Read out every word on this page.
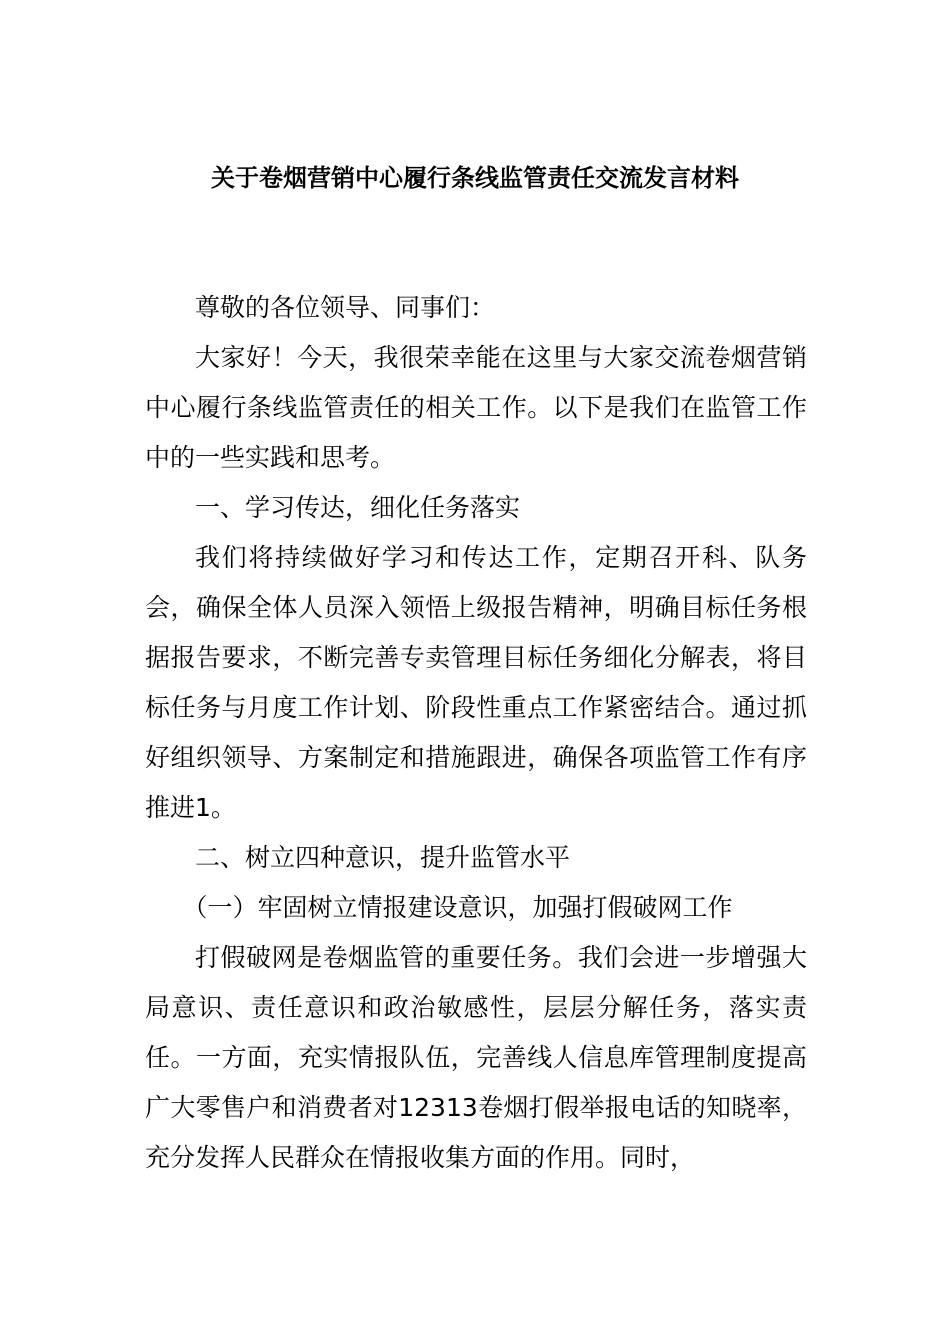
关于卷烟营销中心履行条线监管责任交流发言材料

尊敬的各位领导、同事们：

大家好！今天，我很荣幸能在这里与大家交流卷烟营销中心履行条线监管责任的相关工作。以下是我们在监管工作中的一些实践和思考。

一、学习传达，细化任务落实

我们将持续做好学习和传达工作，定期召开科、队务会，确保全体人员深入领悟上级报告精神，明确目标任务根据报告要求，不断完善专卖管理目标任务细化分解表，将目标任务与月度工作计划、阶段性重点工作紧密结合。通过抓好组织领导、方案制定和措施跟进，确保各项监管工作有序推进1。

二、树立四种意识，提升监管水平

（一）牢固树立情报建设意识，加强打假破网工作

打假破网是卷烟监管的重要任务。我们会进一步增强大局意识、责任意识和政治敏感性，层层分解任务，落实责任。一方面，充实情报队伍，完善线人信息库管理制度提高广大零售户和消费者对12313卷烟打假举报电话的知晓率，充分发挥人民群众在情报收集方面的作用。同时，
